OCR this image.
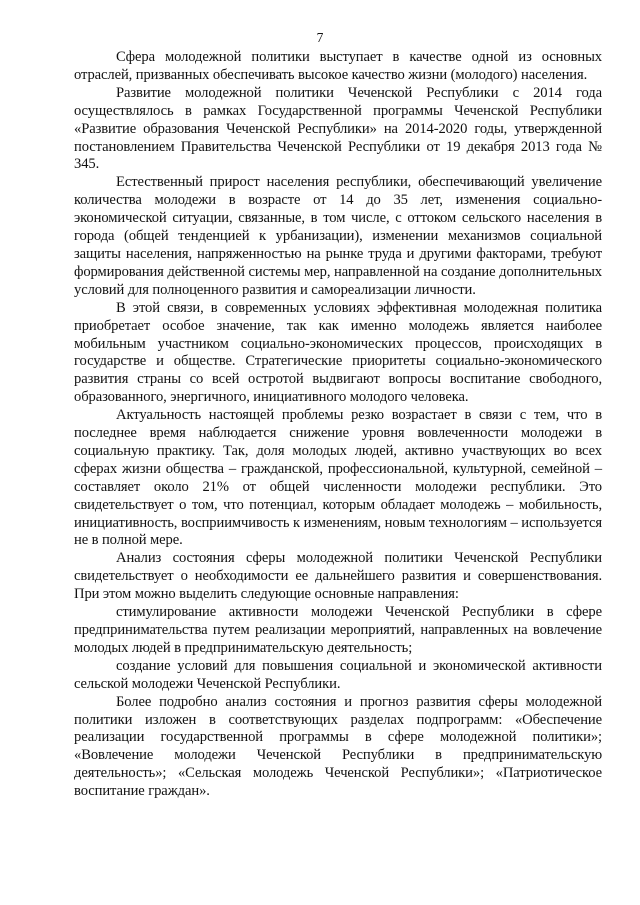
7

Сфера молодежной политики выступает в качестве одной из основных отраслей, призванных обеспечивать высокое качество жизни (молодого) населения.

Развитие молодежной политики Чеченской Республики с 2014 года осуществлялось в рамках Государственной программы Чеченской Республики «Развитие образования Чеченской Республики» на 2014-2020 годы, утвержденной постановлением Правительства Чеченской Республики от 19 декабря 2013 года № 345.

Естественный прирост населения республики, обеспечивающий увеличение количества молодежи в возрасте от 14 до 35 лет, изменения социально-экономической ситуации, связанные, в том числе, с оттоком сельского населения в города (общей тенденцией к урбанизации), изменении механизмов социальной защиты населения, напряженностью на рынке труда и другими факторами, требуют формирования действенной системы мер, направленной на создание дополнительных условий для полноценного развития и самореализации личности.

В этой связи, в современных условиях эффективная молодежная политика приобретает особое значение, так как именно молодежь является наиболее мобильным участником социально-экономических процессов, происходящих в государстве и обществе. Стратегические приоритеты социально-экономического развития страны со всей остротой выдвигают вопросы воспитание свободного, образованного, энергичного, инициативного молодого человека.

Актуальность настоящей проблемы резко возрастает в связи с тем, что в последнее время наблюдается снижение уровня вовлеченности молодежи в социальную практику. Так, доля молодых людей, активно участвующих во всех сферах жизни общества – гражданской, профессиональной, культурной, семейной – составляет около 21% от общей численности молодежи республики. Это свидетельствует о том, что потенциал, которым обладает молодежь – мобильность, инициативность, восприимчивость к изменениям, новым технологиям – используется не в полной мере.

Анализ состояния сферы молодежной политики Чеченской Республики свидетельствует о необходимости ее дальнейшего развития и совершенствования. При этом можно выделить следующие основные направления:

стимулирование активности молодежи Чеченской Республики в сфере предпринимательства путем реализации мероприятий, направленных на вовлечение молодых людей в предпринимательскую деятельность;

создание условий для повышения социальной и экономической активности сельской молодежи Чеченской Республики.

Более подробно анализ состояния и прогноз развития сферы молодежной политики изложен в соответствующих разделах подпрограмм: «Обеспечение реализации государственной программы в сфере молодежной политики»; «Вовлечение молодежи Чеченской Республики в предпринимательскую деятельность»; «Сельская молодежь Чеченской Республики»; «Патриотическое воспитание граждан».
